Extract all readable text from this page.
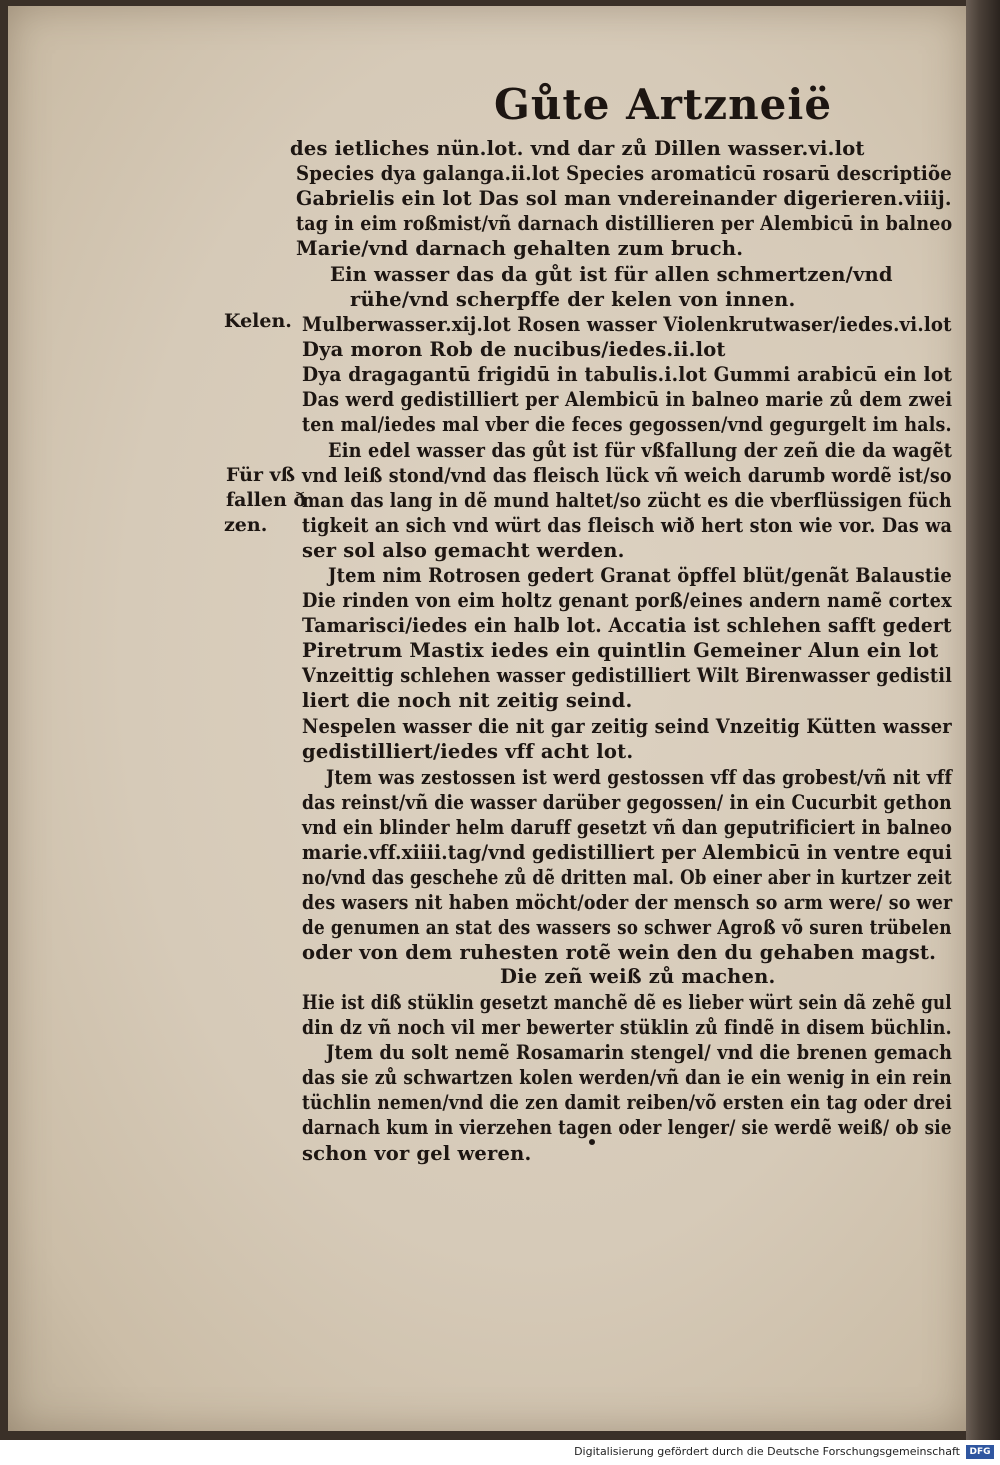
Gůte Artzneië
Kelen.
Für vß
fallen ð
zen.
des ietliches nün.lot. vnd dar zů Dillen wasser.vi.lot
Species dya galanga.ii.lot Species aromaticū rosarū descriptiõe
Gabrielis ein lot Das sol man vndereinander digerieren.viiij.
tag in eim roßmist/vñ darnach distillieren per Alembicū in balneo
Marie/vnd darnach gehalten zum bruch.
Ein wasser das da gůt ist für allen schmertzen/vnd
rühe/vnd scherpffe der kelen von innen.
Mulberwasser.xij.lot Rosen wasser Violenkrutwaser/iedes.vi.lot
Dya moron Rob de nucibus/iedes.ii.lot
Dya dragagantū frigidū in tabulis.i.lot Gummi arabicū ein lot
Das werd gedistilliert per Alembicū in balneo marie zů dem zwei
ten mal/iedes mal vber die feces gegossen/vnd gegurgelt im hals.
Ein edel wasser das gůt ist für vßfallung der zeñ die da wagẽt
vnd leiß stond/vnd das fleisch lück vñ weich darumb wordẽ ist/so
man das lang in dẽ mund haltet/so zücht es die vberflüssigen füch
tigkeit an sich vnd würt das fleisch wið hert ston wie vor. Das wa
ser sol also gemacht werden.
Jtem nim Rotrosen gedert Granat öpffel blüt/genãt Balaustie
Die rinden von eim holtz genant porß/eines andern namẽ cortex
Tamarisci/iedes ein halb lot. Accatia ist schlehen safft gedert
Piretrum Mastix iedes ein quintlin Gemeiner Alun ein lot
Vnzeittig schlehen wasser gedistilliert Wilt Birenwasser gedistil
liert die noch nit zeitig seind.
Nespelen wasser die nit gar zeitig seind Vnzeitig Kütten wasser
gedistilliert/iedes vff acht lot.
Jtem was zestossen ist werd gestossen vff das grobest/vñ nit vff
das reinst/vñ die wasser darüber gegossen/ in ein Cucurbit gethon
vnd ein blinder helm daruff gesetzt vñ dan geputrificiert in balneo
marie.vff.xiiii.tag/vnd gedistilliert per Alembicū in ventre equi
no/vnd das geschehe zů dẽ dritten mal. Ob einer aber in kurtzer zeit
des wasers nit haben möcht/oder der mensch so arm were/ so wer
de genumen an stat des wassers so schwer Agroß võ suren trübelen
oder von dem ruhesten rotẽ wein den du gehaben magst.
Die zeñ weiß zů machen.
Hie ist diß stüklin gesetzt manchẽ dẽ es lieber würt sein dã zehẽ gul
din dz vñ noch vil mer bewerter stüklin zů findẽ in disem büchlin.
Jtem du solt nemẽ Rosamarin stengel/ vnd die brenen gemach
das sie zů schwartzen kolen werden/vñ dan ie ein wenig in ein rein
tüchlin nemen/vnd die zen damit reiben/võ ersten ein tag oder drei
darnach kum in vierzehen tagen oder lenger/ sie werdẽ weiß/ ob sie
schon vor gel weren.
Digitalisierung gefördert durch die Deutsche Forschungsgemeinschaft	DFG
